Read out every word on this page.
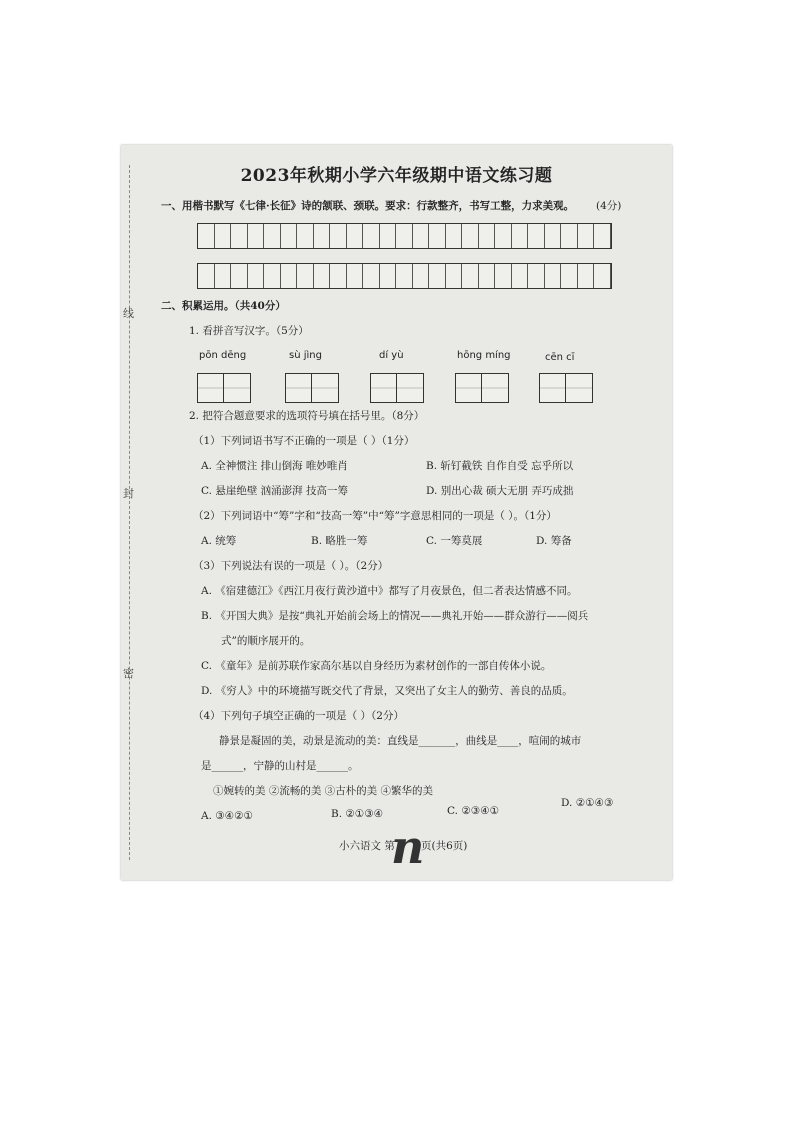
线
封
密
2023年秋期小学六年级期中语文练习题
一、用楷书默写《七律·长征》诗的颔联、颈联。要求：行款整齐，书写工整，力求美观。 (4分)
二、积累运用。（共40分）
1. 看拼音写汉字。（5分）
pōn dēng	sù jìng	dí yù	hōng míng	cēn cī
2. 把符合题意要求的选项符号填在括号里。（8分）
（1）下列词语书写不正确的一项是（ ）（1分）
A. 全神惯注 排山倒海 唯妙唯肖	B. 斩钉截铁 自作自受 忘乎所以
C. 悬崖绝壁 汹涌澎湃 技高一筹	D. 别出心裁 硕大无朋 弄巧成拙
（2）下列词语中“筹”字和“技高一筹”中“筹”字意思相同的一项是（ ）。（1分）
A. 统筹	B. 略胜一筹	C. 一筹莫展	D. 筹备
（3）下列说法有误的一项是（ ）。（2分）
A. 《宿建德江》《西江月夜行黄沙道中》都写了月夜景色，但二者表达情感不同。
B. 《开国大典》是按“典礼开始前会场上的情况——典礼开始——群众游行——阅兵
式”的顺序展开的。
C. 《童年》是前苏联作家高尔基以自身经历为素材创作的一部自传体小说。
D. 《穷人》中的环境描写既交代了背景，又突出了女主人的勤劳、善良的品质。
（4）下列句子填空正确的一项是（ ）（2分）
静景是凝固的美，动景是流动的美：直线是_______，曲线是____，喧闹的城市
是______，宁静的山村是______。
①婉转的美 ②流畅的美 ③古朴的美 ④繁华的美
A. ③④②①	B. ②①③④	C. ②③④①
D. ②①④③
n
小六语文 第 页(共6页)
